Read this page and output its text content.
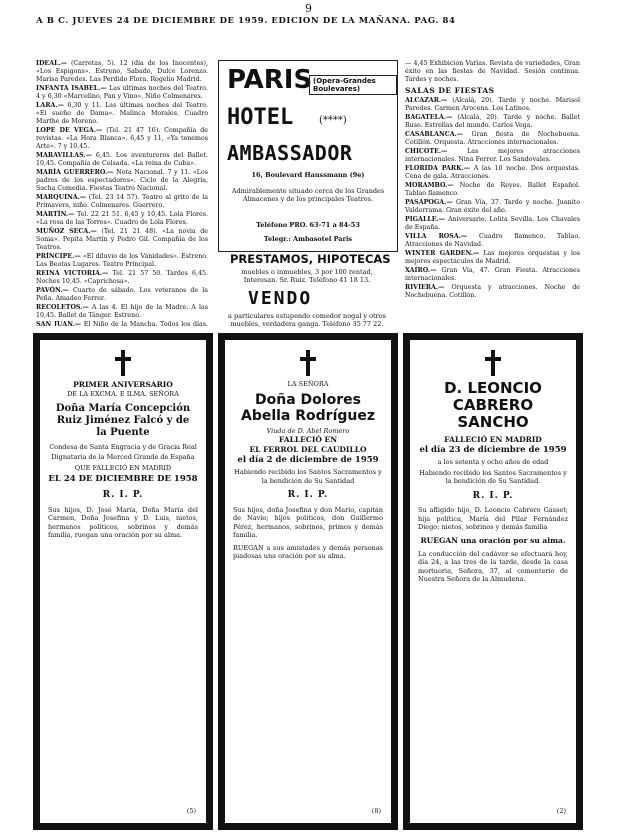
9
A B C. JUEVES 24 DE DICIEMBRE DE 1959. EDICION DE LA MAÑANA. PAG. 84
IDEAL.— (Carretas, 5). 12 (día de los Inocentes), «Los Espigons». Estreno, Sabado, Dulce Lorenzo. Marisa Paredes. Las Perdido Flora. Rogelio Madrid.
INFANTA ISABEL.— Las últimas noches del Teatro. 4 y 6,30 «Marcelino, Pan y Vino». Niño Colmenares.
LARA.— 6,30 y 11. Las últimas noches del Teatro. «El sueño de Dama». Malinca Morales. Cuadro Marthe de Moreno.
LOPE DE VEGA.— (Tel. 21 47 16). Compañía de revistas. «La Hora Blanca». 6,45 y 11, «Ya tenemos Arte». 7 y 10,45.
MARAVILLAS.— 6,45. Los aventureros del Ballet. 10,45. Compañía de Colsada. «La reina de Cuba».
MARÍA GUERRERO.— Nota Nacional. 7 y 11. «Los padres de los espectadores». Ciclo de la Alegría, Sacha Comedia. Fiestas Teatro Nacional.
MARQUINA.— (Tel. 23 14 57). Teatro al grito de la Primavera, niño. Colmenares. Guerrero.
MARTÍN.— Tel. 22 21 51. 6,45 y 10,45. Lola Flores. «La rosa de las Torres». Cuadro de Lola Flores.
MUÑOZ SECA.— (Tel. 21 21 48). «La novia de Sonia». Pepita Martín y Pedro Gil. Compañía de los Teatros.
PRÍNCIPE.— «El diluvio de los Vanidades». Estreno. Las Beatas Lugares. Teatro Principal.
REINA VICTORIA.— Tel. 21 57 50. Tardes 6,45. Noches 10,45. «Caprichosa».
PAVÓN.— Cuarto de sábado. Los veteranos de la Peña. Amadeo Ferrer.
RECOLETOS.— A las 4. El hijo de la Madre. A las 10,45. Ballet de Tánger. Estreno.
SAN JUAN.— El Niño de la Mancha. Todos los días.
PARIS (Opera-Grandes Boulevares)
HOTEL	(****)
AMBASSADOR
16, Boulevard Haussmann (9e)
Admirablemente situado cerca de los Grandes Almacenes y de los principales Teatros.
Teléfono PRO. 63-71 a 84-53
Telegr.: Ambasotel Paris
PRESTAMOS, HIPOTECAS
muebles o inmuebles, 3 por 100 rentad, Interesan. Sr. Ruiz. Teléfono 41 18 13.
VENDO
a particulares estupendo comedor nogal y otros muebles, verdadera ganga. Teléfono 35 77 22.
— 4,45 Exhibición Varias. Revista de variedades, Gran éxito en las fiestas de Navidad. Sesión continua. Tardes y noches.
SALAS DE FIESTAS
ALCAZAR.— (Alcalá, 20). Tarde y noche. Marisol Paredes. Carmen Arocena. Los Latinos.
BAGATELA.— (Alcalá, 20). Tarde y noche. Ballet Ruso. Estrellas del mundo. Carlos Vega.
CASABLANCA.— Gran fiesta de Nochebuena. Cotillón. Orquesta. Atracciones internacionales.
CHICOTE.—	Las mejores atracciones internacionales. Nina Ferrer. Los Sandovales.
FLORIDA PARK.— A las 10 noche. Dos orquestas. Cena de gala. Atracciones.
MORAMBO.— Noche de Reyes. Ballet Español. Tablao flamenco.
PASAPOGA.— Gran Vía, 37. Tarde y noche. Juanito Valderrama. Gran éxito del año.
PIGALLE.— Aniversario. Lolita Sevilla. Los Chavales de España.
VILLA ROSA.— Cuadro flamenco. Tablao. Atracciones de Navidad.
WINTER GARDEN.— Las mejores orquestas y los mejores espectáculos de Madrid.
XAIRO.— Gran Vía, 47. Gran Fiesta. Atracciones internacionales.
RIVIERA.— Orquesta y atracciones. Noche de Nochebuena. Cotillón.
PRIMER ANIVERSARIO
DE LA EXCMA. E ILMA. SEÑORA
Doña María Concepción Ruiz Jiménez Falcó y de la Puente
Condesa de Santa Engracia y de Gracia Real
Dignataria de la Merced Grande de España
QUE FALLECIÓ EN MADRID
EL 24 DE DICIEMBRE DE 1958
R. I. P.
Sus hijos, D. José María, Doña María del Carmen, Doña Josefina y D. Luis, nietos, hermanos políticos, sobrinos y demás familia, ruegan una oración por su alma.
(5)
LA SEÑORA
Doña Dolores Abella Rodríguez
Viuda de D. Abel Romero
FALLECIÓ EN
EL FERROL DEL CAUDILLO
el día 2 de diciembre de 1959
Habiendo recibido los Santos Sacramentos y la bendición de Su Santidad
R. I. P.
Sus hijos, doña Josefina y don Mario, capitán de Navío; hijos políticos, don Guillermo Pérez, hermanos, sobrinos, primos y demás familia.
RUEGAN a sus amistades y demás personas piadosas una oración por su alma.
(8)
D. LEONCIO CABRERO SANCHO
FALLECIÓ EN MADRID
el día 23 de diciembre de 1959
a los setenta y ocho años de edad
Habiendo recibido los Santos Sacramentos y la bendición de Su Santidad.
R. I. P.
Su afligido hijo, D. Leoncio Cabrero Gasset; hija política, María del Pilar Fernández Diego; nietos, sobrinos y demás familia
RUEGAN una oración por su alma.
La conducción del cadáver se efectuará hoy, día 24, a las tres de la tarde, desde la casa mortuoria, Señora, 37, al cementerio de Nuestra Señora de la Almudena.
(2)
